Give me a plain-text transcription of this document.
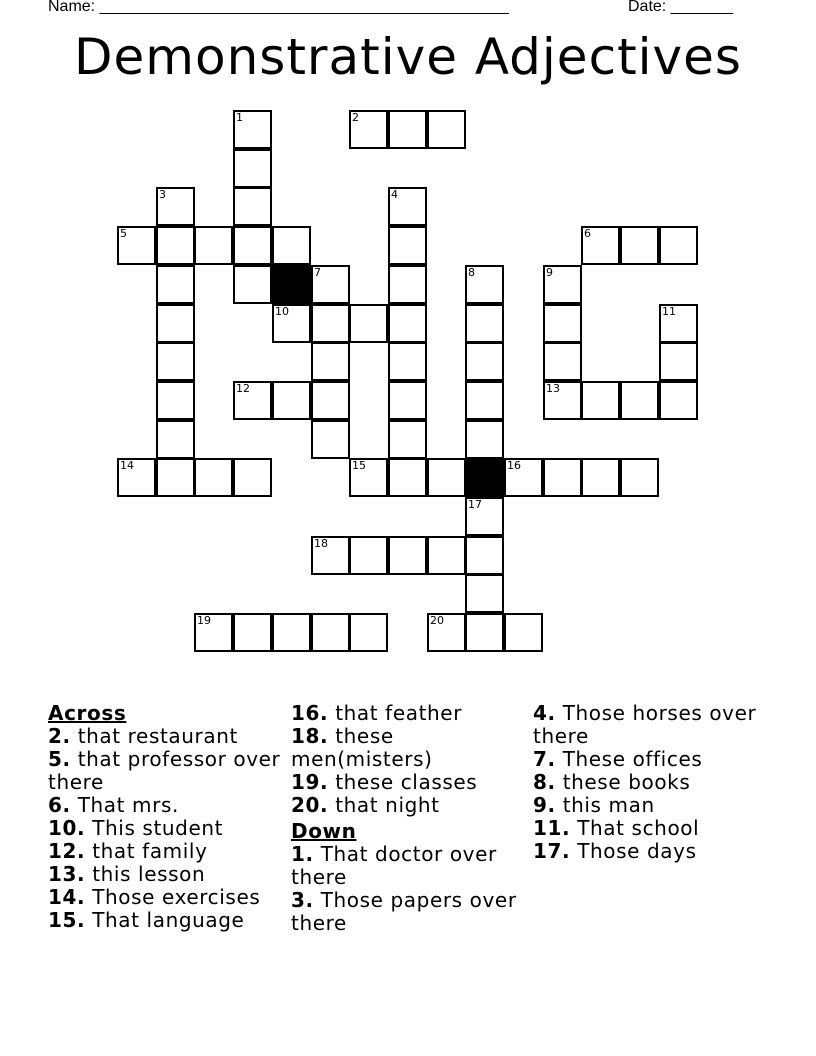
Name: ______________________________________________	Date: _______
Demonstrative Adjectives
1	2
3	4
5	6
7	8	9
10	11
12	13
14	15	16
17
18
19	20
Across
2. that restaurant
5. that professor over there
6. That mrs.
10. This student
12. that family
13. this lesson
14. Those exercises
15. That language
16. that feather
18. these men(misters)
19. these classes
20. that night
Down
1. That doctor over there
3. Those papers over there
4. Those horses over there
7. These offices
8. these books
9. this man
11. That school
17. Those days
